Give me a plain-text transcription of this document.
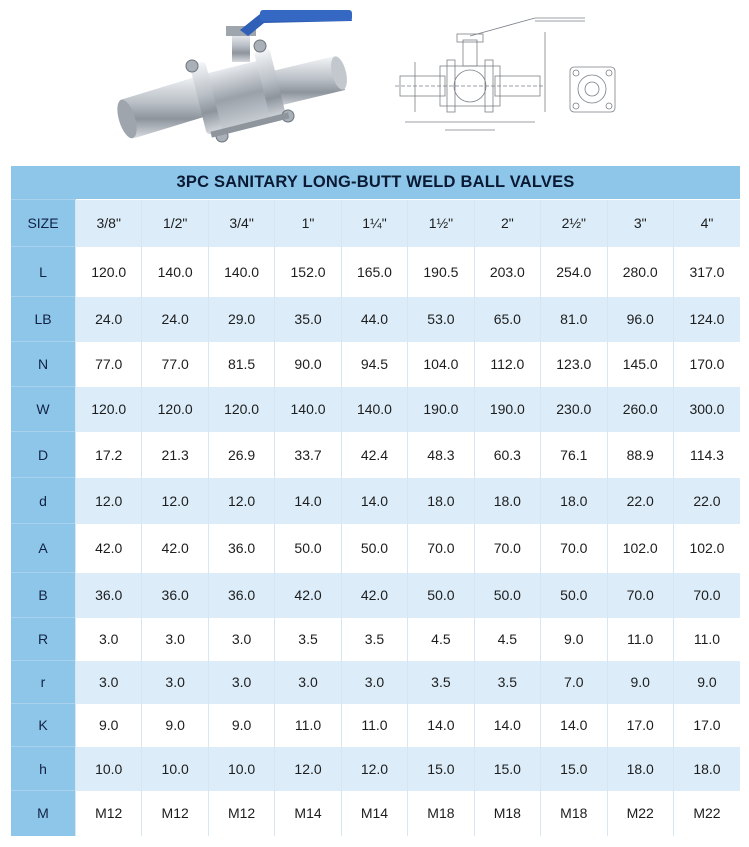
3PC SANITARY LONG-BUTT WELD BALL VALVES
SIZE	3/8"	1/2"	3/4"	1"	1¼"	1½"	2"	2½"	3"	4"
L	120.0	140.0	140.0	152.0	165.0	190.5	203.0	254.0	280.0	317.0
LB	24.0	24.0	29.0	35.0	44.0	53.0	65.0	81.0	96.0	124.0
N	77.0	77.0	81.5	90.0	94.5	104.0	112.0	123.0	145.0	170.0
W	120.0	120.0	120.0	140.0	140.0	190.0	190.0	230.0	260.0	300.0
D	17.2	21.3	26.9	33.7	42.4	48.3	60.3	76.1	88.9	114.3
d	12.0	12.0	12.0	14.0	14.0	18.0	18.0	18.0	22.0	22.0
A	42.0	42.0	36.0	50.0	50.0	70.0	70.0	70.0	102.0	102.0
B	36.0	36.0	36.0	42.0	42.0	50.0	50.0	50.0	70.0	70.0
R	3.0	3.0	3.0	3.5	3.5	4.5	4.5	9.0	11.0	11.0
r	3.0	3.0	3.0	3.0	3.0	3.5	3.5	7.0	9.0	9.0
K	9.0	9.0	9.0	11.0	11.0	14.0	14.0	14.0	17.0	17.0
h	10.0	10.0	10.0	12.0	12.0	15.0	15.0	15.0	18.0	18.0
M	M12	M12	M12	M14	M14	M18	M18	M18	M22	M22
